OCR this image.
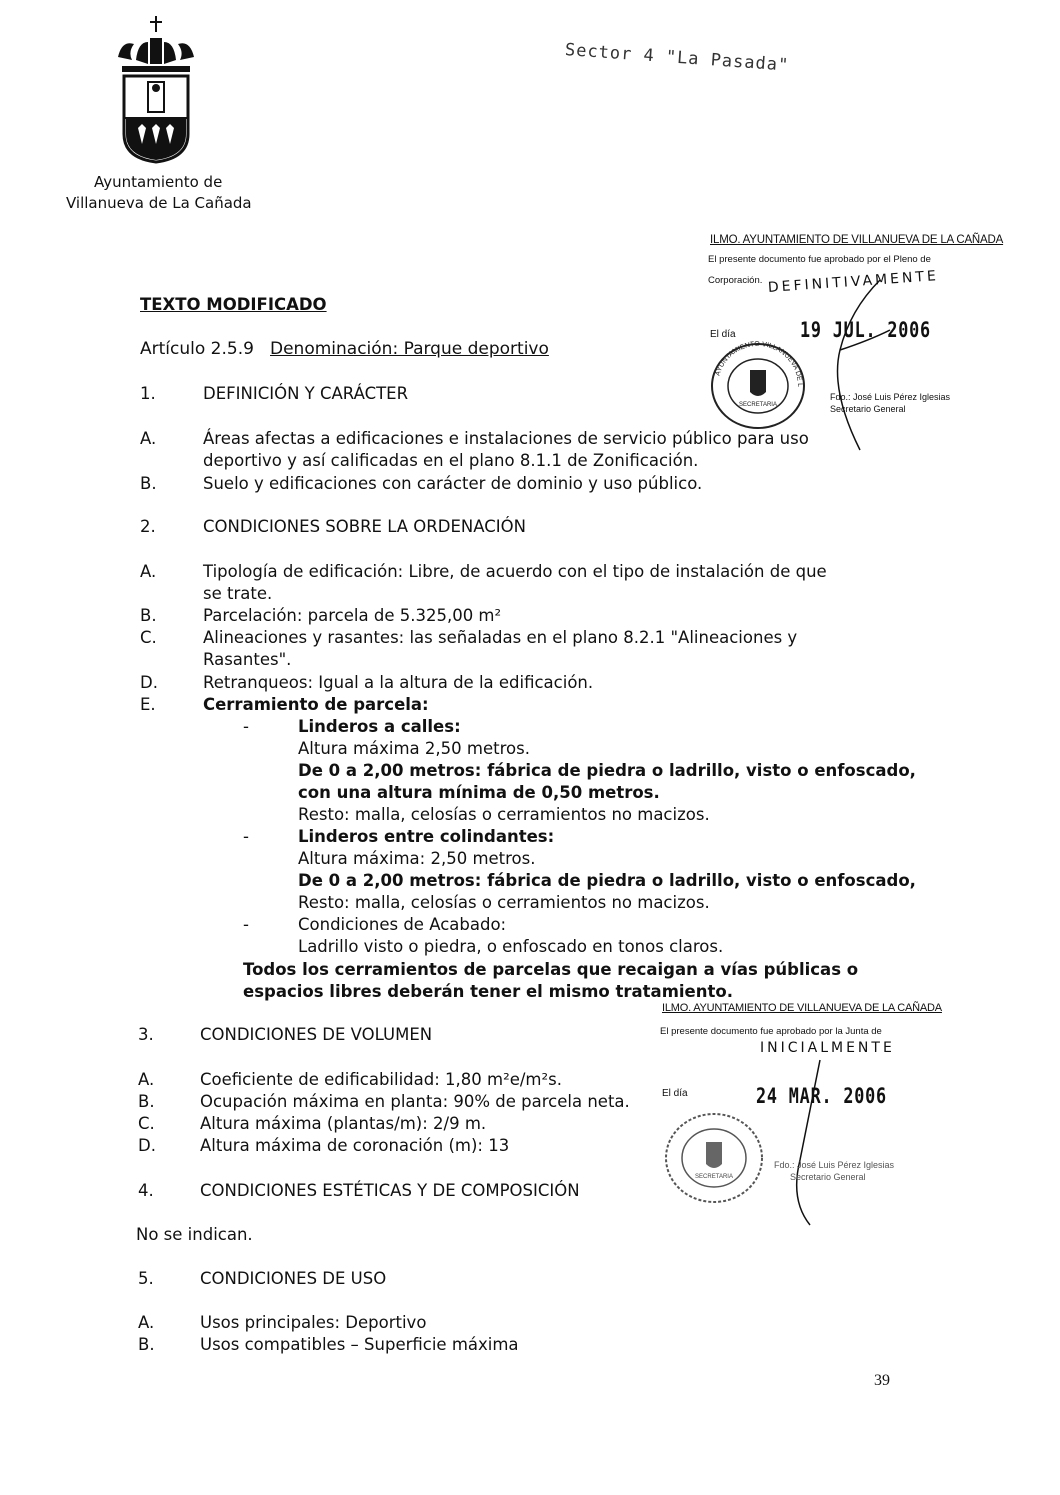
Ayuntamiento de
Villanueva de La Cañada
Sector 4 "La Pasada"
ILMO. AYUNTAMIENTO DE VILLANUEVA DE LA CAÑADA
El presente documento fue aprobado por el Pleno de
Corporación. DEFINITIVAMENTE
El día	19 JUL. 2006
SECRETARIA
AYUNTAMIENTO VILLANUEVA DE L
Fdo.: José Luis Pérez Iglesias
Secretario General
TEXTO MODIFICADO
Artículo 2.5.9 Denominación: Parque deportivo
1.	DEFINICIÓN Y CARÁCTER
A.	Áreas afectas a edificaciones e instalaciones de servicio público para uso
deportivo y así calificadas en el plano 8.1.1 de Zonificación.
B.	Suelo y edificaciones con carácter de dominio y uso público.
2.	CONDICIONES SOBRE LA ORDENACIÓN
A.	Tipología de edificación: Libre, de acuerdo con el tipo de instalación de que
se trate.
B.	Parcelación: parcela de 5.325,00 m²
C.	Alineaciones y rasantes: las señaladas en el plano 8.2.1 "Alineaciones y
Rasantes".
D.	Retranqueos: Igual a la altura de la edificación.
E.	Cerramiento de parcela:
-	Linderos a calles:
Altura máxima 2,50 metros.
De 0 a 2,00 metros: fábrica de piedra o ladrillo, visto o enfoscado,
con una altura mínima de 0,50 metros.
Resto: malla, celosías o cerramientos no macizos.
-	Linderos entre colindantes:
Altura máxima: 2,50 metros.
De 0 a 2,00 metros: fábrica de piedra o ladrillo, visto o enfoscado,
Resto: malla, celosías o cerramientos no macizos.
-	Condiciones de Acabado:
Ladrillo visto o piedra, o enfoscado en tonos claros.
Todos los cerramientos de parcelas que recaigan a vías públicas o
espacios libres deberán tener el mismo tratamiento.
ILMO. AYUNTAMIENTO DE VILLANUEVA DE LA CAÑADA
El presente documento fue aprobado por la Junta de
INICIALMENTE
El día	24 MAR. 2006
SECRETARIA
Fdo.: José Luis Pérez Iglesias
Secretario General
3.	CONDICIONES DE VOLUMEN
A.	Coeficiente de edificabilidad: 1,80 m²e/m²s.
B.	Ocupación máxima en planta: 90% de parcela neta.
C.	Altura máxima (plantas/m): 2/9 m.
D.	Altura máxima de coronación (m): 13
4.	CONDICIONES ESTÉTICAS Y DE COMPOSICIÓN
No se indican.
5.	CONDICIONES DE USO
A.	Usos principales: Deportivo
B.	Usos compatibles – Superficie máxima
39
